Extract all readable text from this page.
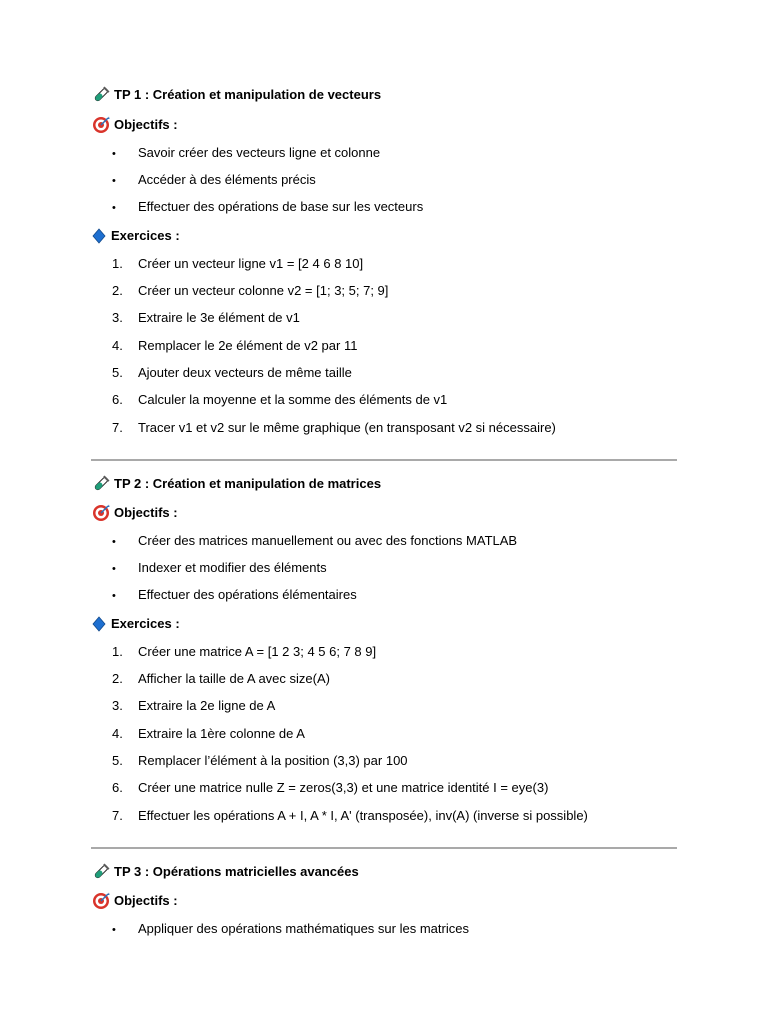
TP 1 : Création et manipulation de vecteurs
Objectifs :
• Savoir créer des vecteurs ligne et colonne
• Accéder à des éléments précis
• Effectuer des opérations de base sur les vecteurs
Exercices :
1. Créer un vecteur ligne v1 = [2 4 6 8 10]
2. Créer un vecteur colonne v2 = [1; 3; 5; 7; 9]
3. Extraire le 3e élément de v1
4. Remplacer le 2e élément de v2 par 11
5. Ajouter deux vecteurs de même taille
6. Calculer la moyenne et la somme des éléments de v1
7. Tracer v1 et v2 sur le même graphique (en transposant v2 si nécessaire)
TP 2 : Création et manipulation de matrices
Objectifs :
• Créer des matrices manuellement ou avec des fonctions MATLAB
• Indexer et modifier des éléments
• Effectuer des opérations élémentaires
Exercices :
1. Créer une matrice A = [1 2 3; 4 5 6; 7 8 9]
2. Afficher la taille de A avec size(A)
3. Extraire la 2e ligne de A
4. Extraire la 1ère colonne de A
5. Remplacer l’élément à la position (3,3) par 100
6. Créer une matrice nulle Z = zeros(3,3) et une matrice identité I = eye(3)
7. Effectuer les opérations A + I, A * I, A' (transposée), inv(A) (inverse si possible)
TP 3 : Opérations matricielles avancées
Objectifs :
• Appliquer des opérations mathématiques sur les matrices
